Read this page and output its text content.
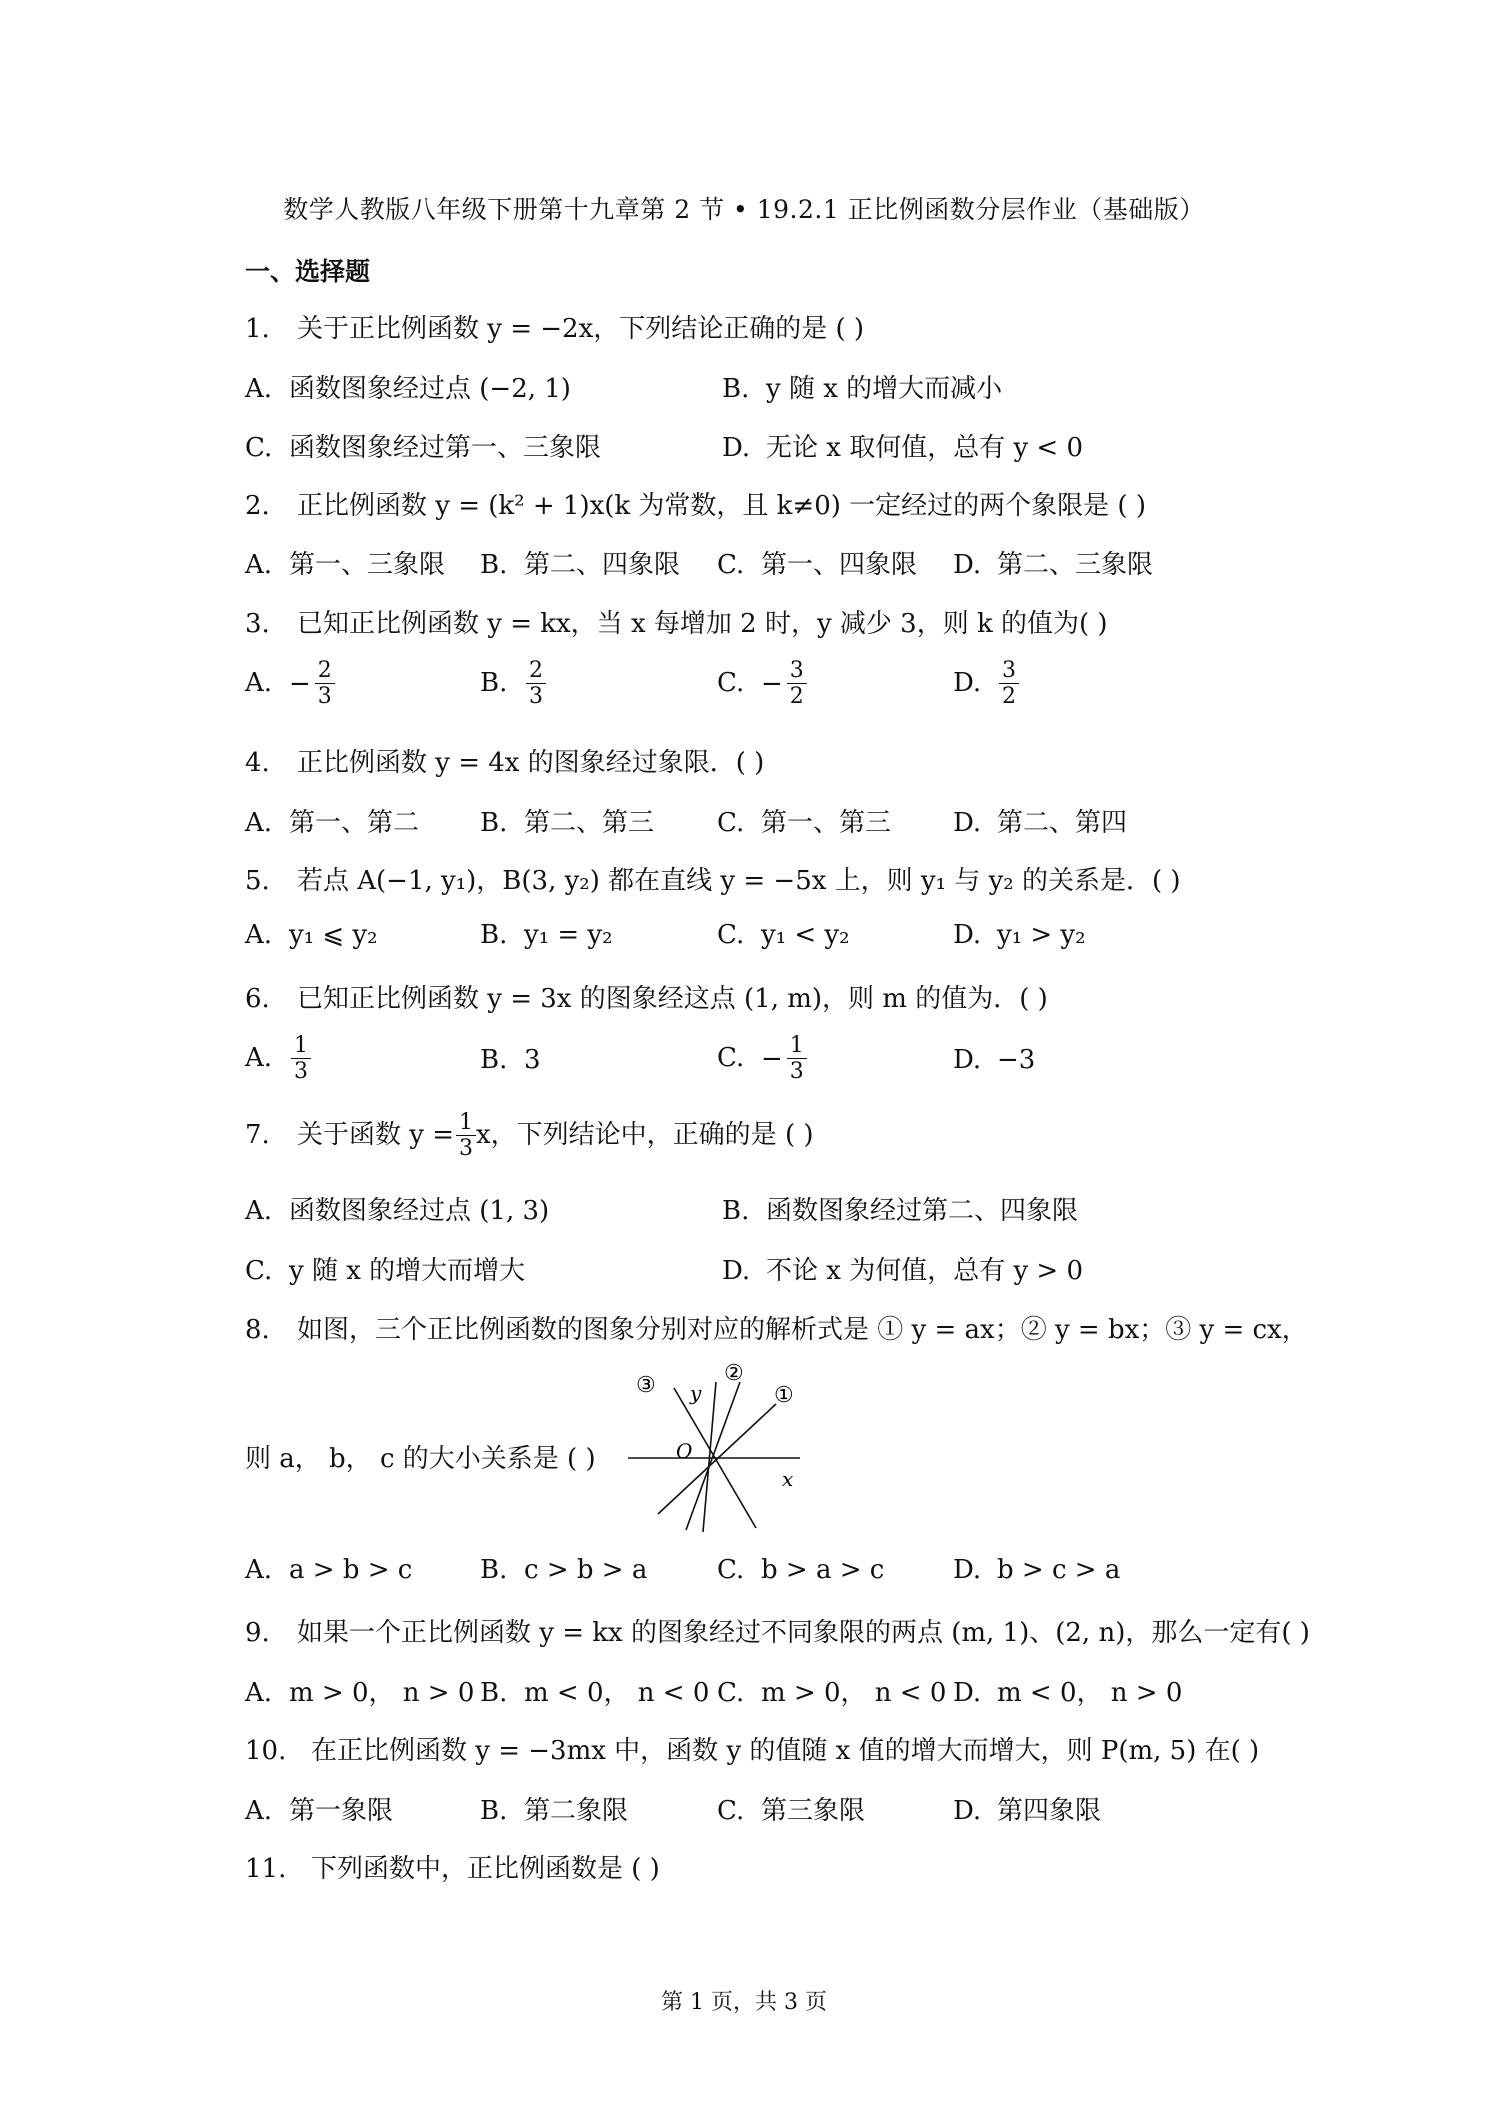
数学人教版八年级下册第十九章第 2 节 • 19.2.1 正比例函数分层作业（基础版）
一、选择题
1. 关于正比例函数 y = −2x，下列结论正确的是 ( )
A. 函数图象经过点 (−2, 1)	B. y 随 x 的增大而减小
C. 函数图象经过第一、三象限	D. 无论 x 取何值，总有 y < 0
2. 正比例函数 y = (k² + 1)x(k 为常数，且 k≠0) 一定经过的两个象限是 ( )
A. 第一、三象限 B. 第二、四象限 C. 第一、四象限 D. 第二、三象限
3. 已知正比例函数 y = kx，当 x 每增加 2 时，y 减少 3，则 k 的值为( )
A. − $\frac{2}{3}$	B. $\frac{2}{3}$	C. − $\frac{3}{2}$	D. $\frac{3}{2}$
4. 正比例函数 y = 4x 的图象经过象限．( )
A. 第一、第二 B. 第二、第三 C. 第一、第三 D. 第二、第四
5. 若点 A(−1, y₁)，B(3, y₂) 都在直线 y = −5x 上，则 y₁ 与 y₂ 的关系是．( )
A. y₁ ⩽ y₂	B. y₁ = y₂	C. y₁ < y₂	D. y₁ > y₂
6. 已知正比例函数 y = 3x 的图象经这点 (1, m)，则 m 的值为．( )
A. $\frac{1}{3}$	B. 3	C. − $\frac{1}{3}$	D. −3
7. 关于函数 $y = \frac{1}{3}$ x，下列结论中，正确的是 ( )
A. 函数图象经过点 (1, 3)	B. 函数图象经过第二、四象限
C. y 随 x 的增大而增大	D. 不论 x 为何值，总有 y > 0
8. 如图，三个正比例函数的图象分别对应的解析式是 ① y = ax；② y = bx；③ y = cx，
则 a， b， c 的大小关系是 ( )
③	②
①
y
x
O
A. a > b > c	B. c > b > a	C. b > a > c	D. b > c > a
9. 如果一个正比例函数 y = kx 的图象经过不同象限的两点 (m, 1)、(2, n)，那么一定有( )
A. m > 0， n > 0 B. m < 0， n < 0 C. m > 0， n < 0 D. m < 0， n > 0
10. 在正比例函数 y = −3mx 中，函数 y 的值随 x 值的增大而增大，则 P(m, 5) 在( )
A. 第一象限	B. 第二象限	C. 第三象限	D. 第四象限
11. 下列函数中，正比例函数是 ( )
第 1 页，共 3 页
